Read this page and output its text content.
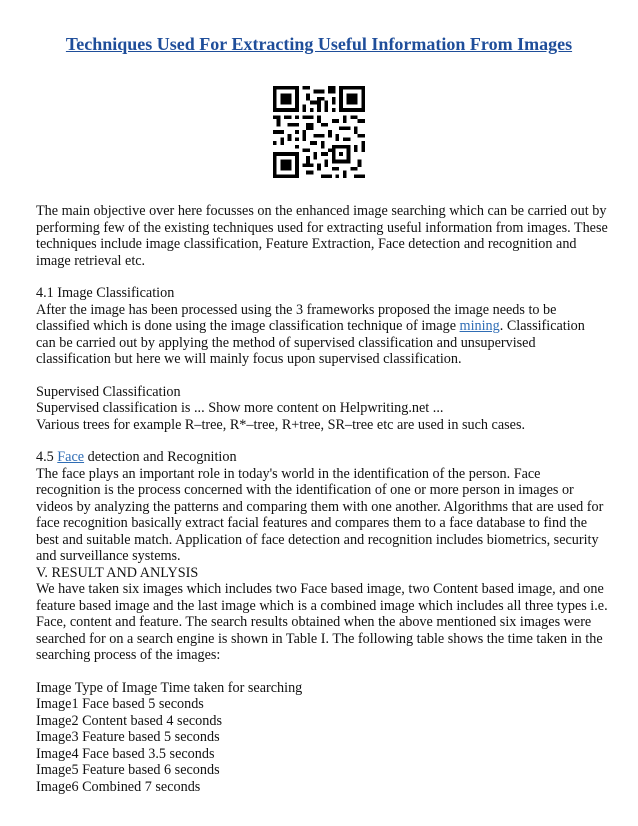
Techniques Used For Extracting Useful Information From Images

The main objective over here focusses on the enhanced image searching which can be carried out by performing few of the existing techniques used for extracting useful information from images. These techniques include image classification, Feature Extraction, Face detection and recognition and image retrieval etc.

4.1 Image Classification

After the image has been processed using the 3 frameworks proposed the image needs to be classified which is done using the image classification technique of image mining. Classification can be carried out by applying the method of supervised classification and unsupervised classification but here we will mainly focus upon supervised classification.

Supervised Classification

Supervised classification is ... Show more content on Helpwriting.net ...

Various trees for example R–tree, R*–tree, R+tree, SR–tree etc are used in such cases.

4.5 Face detection and Recognition

The face plays an important role in today's world in the identification of the person. Face recognition is the process concerned with the identification of one or more person in images or videos by analyzing the patterns and comparing them with one another. Algorithms that are used for face recognition basically extract facial features and compares them to a face database to find the best and suitable match. Application of face detection and recognition includes biometrics, security and surveillance systems.

V. RESULT AND ANLYSIS

We have taken six images which includes two Face based image, two Content based image, and one feature based image and the last image which is a combined image which includes all three types i.e. Face, content and feature. The search results obtained when the above mentioned six images were searched for on a search engine is shown in Table I. The following table shows the time taken in the searching process of the images:

Image Type of Image Time taken for searching

Image1 Face based 5 seconds

Image2 Content based 4 seconds

Image3 Feature based 5 seconds

Image4 Face based 3.5 seconds

Image5 Feature based 6 seconds

Image6 Combined 7 seconds
